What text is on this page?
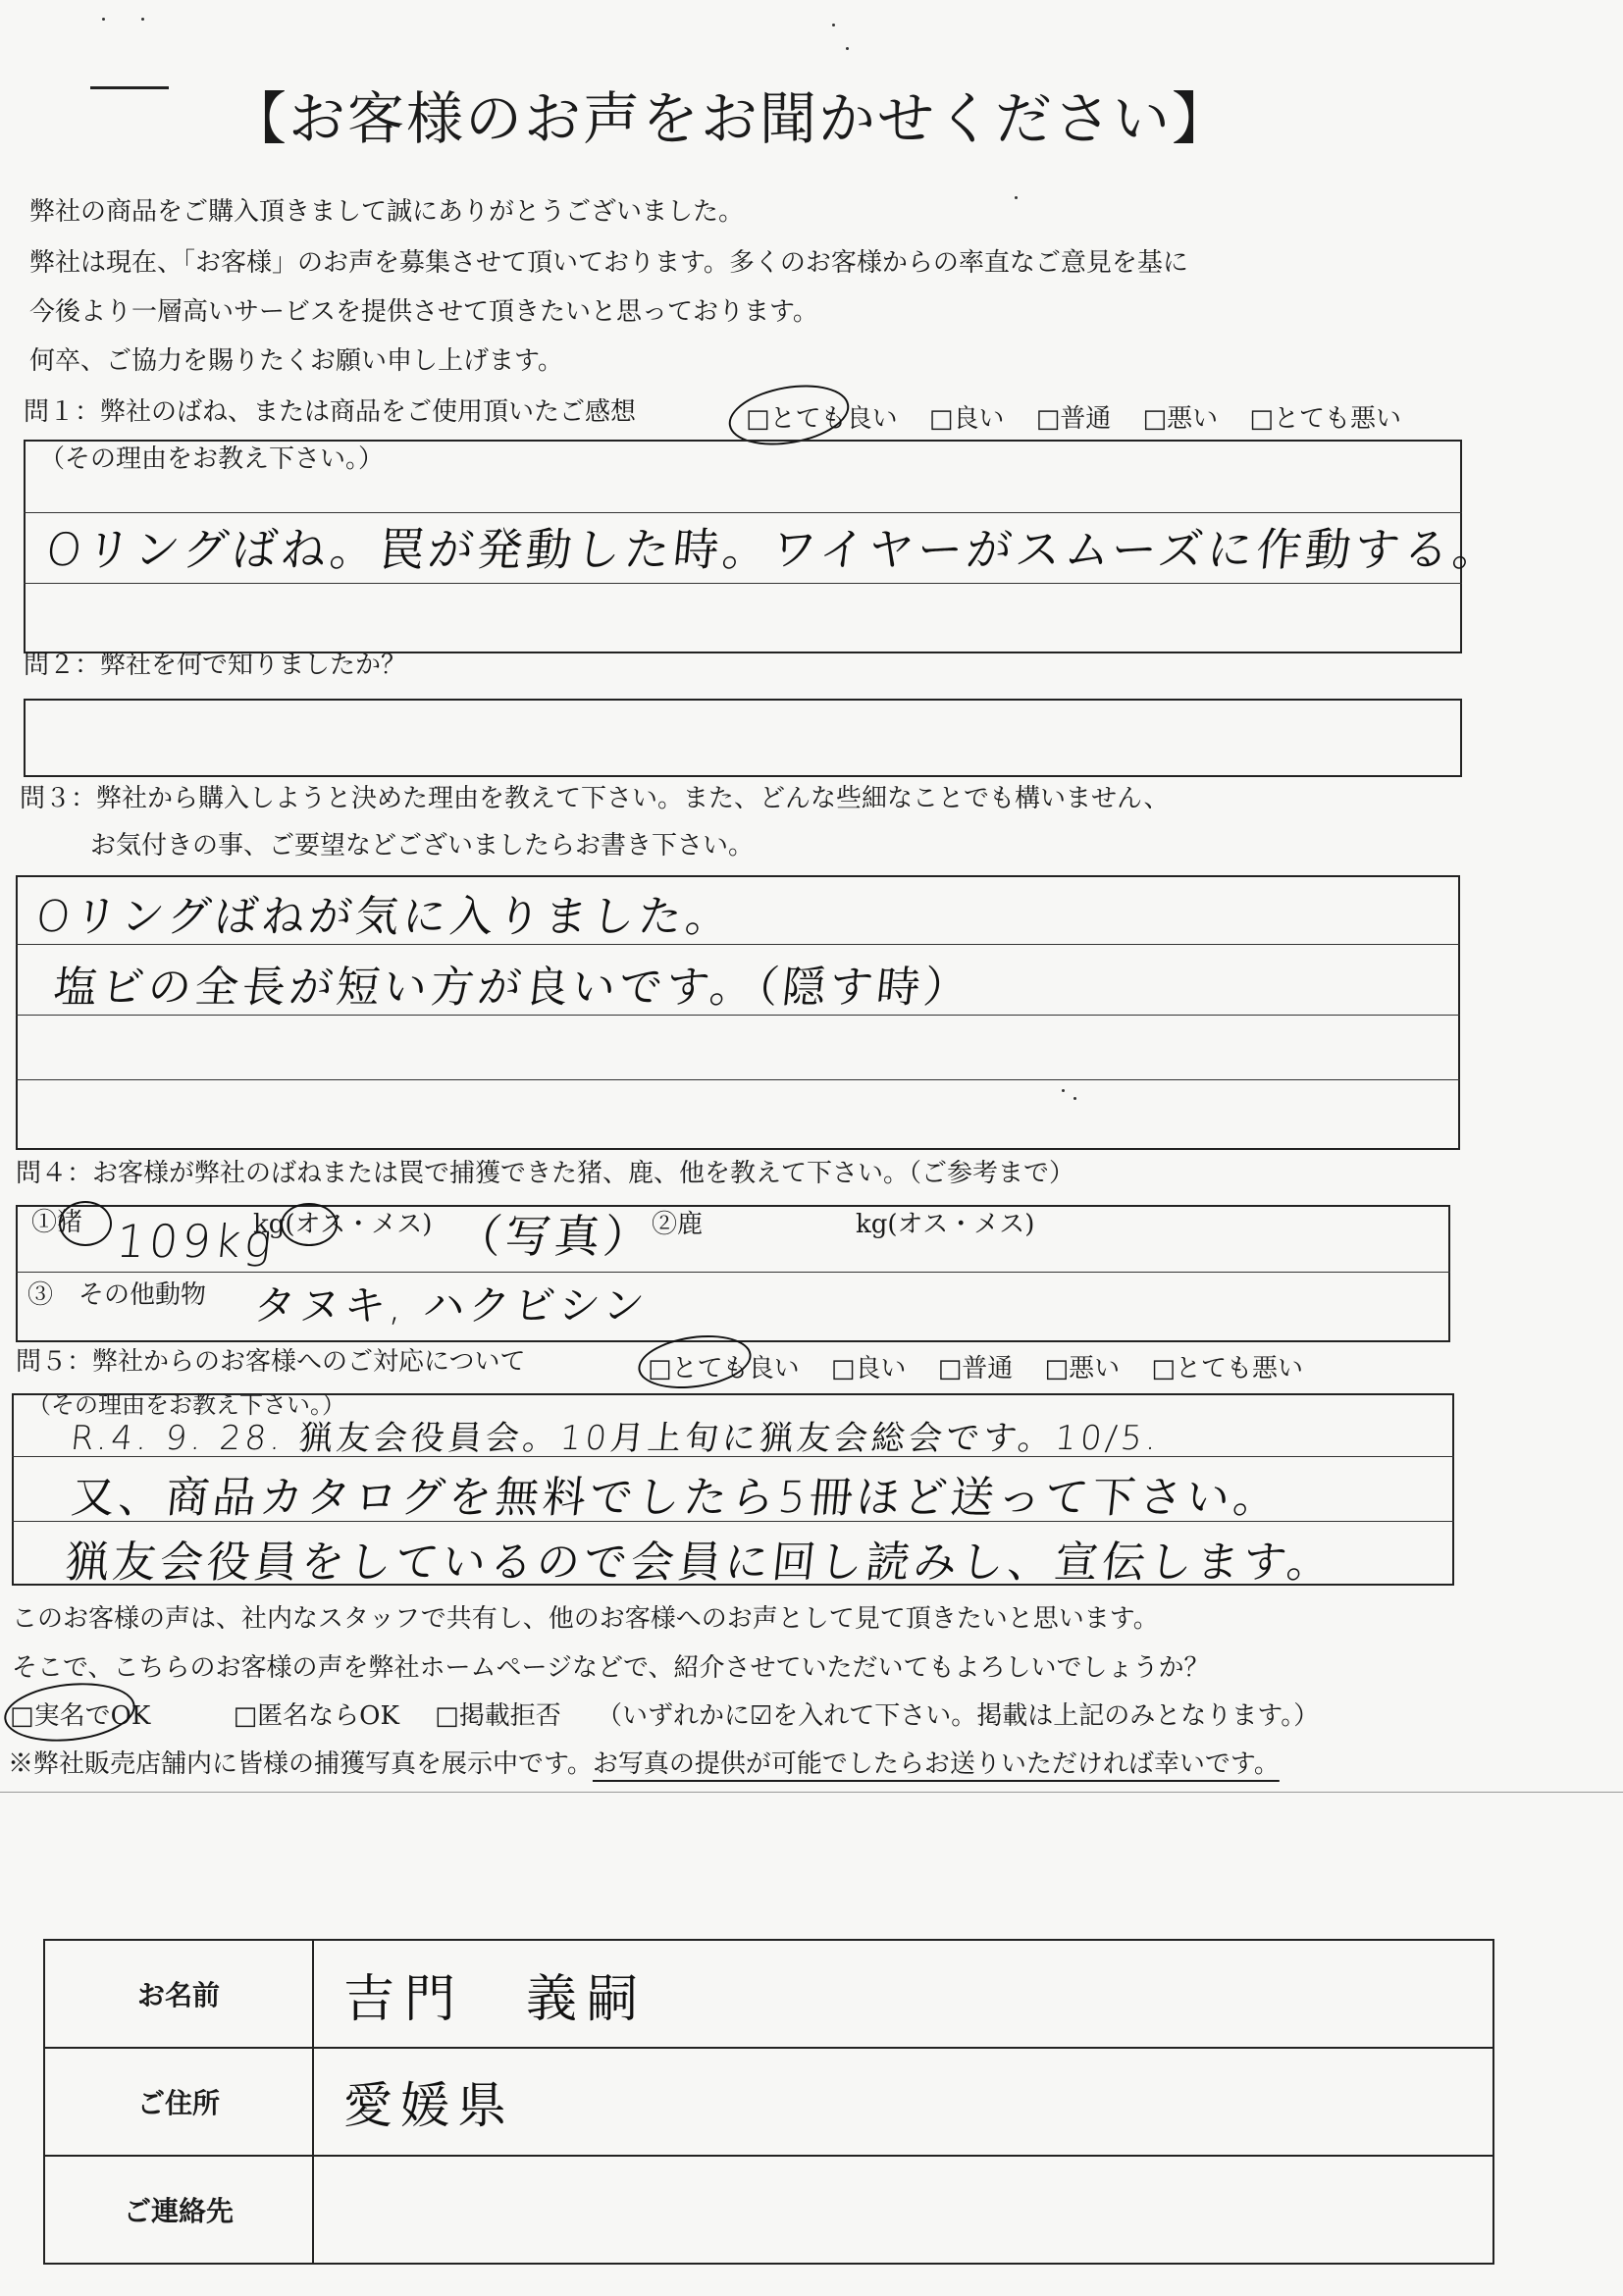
【お客様のお声をお聞かせください】
弊社の商品をご購入頂きまして誠にありがとうございました。
弊社は現在、「お客様」のお声を募集させて頂いております。多くのお客様からの率直なご意見を基に
今後より一層高いサービスを提供させて頂きたいと思っております。
何卒、ご協力を賜りたくお願い申し上げます。
問１：弊社のばね、または商品をご使用頂いたご感想	□とても良い □良い □普通 □悪い □とても悪い
（その理由をお教え下さい。）
Oリングばね。罠が発動した時。ワイヤーがスムーズに作動する。
問２：弊社を何で知りましたか？
問３：弊社から購入しようと決めた理由を教えて下さい。また、どんな些細なことでも構いません、
お気付きの事、ご要望などございましたらお書き下さい。
Oリングばねが気に入りました。
塩ビの全長が短い方が良いです。（隠す時）
問４：お客様が弊社のばねまたは罠で捕獲できた猪、鹿、他を教えて下さい。（ご参考まで）
①猪 109kg
kg(オス・メス) （写真）
②鹿	kg(オス・メス)
③　その他動物 タヌキ, ハクビシン
問５：弊社からのお客様へのご対応について	□とても良い □良い □普通 □悪い □とても悪い
（その理由をお教え下さい。）
R.4. 9. 28. 猟友会役員会。10月上旬に猟友会総会です。10/5.
又、商品カタログを無料でしたら5冊ほど送って下さい。
猟友会役員をしているので会員に回し読みし、宣伝します。
このお客様の声は、社内なスタッフで共有し、他のお客様へのお声として見て頂きたいと思います。
そこで、こちらのお客様の声を弊社ホームページなどで、紹介させていただいてもよろしいでしょうか？
□実名でOK	□匿名ならOK □掲載拒否 （いずれかに☑を入れて下さい。掲載は上記のみとなります。）
※弊社販売店舗内に皆様の捕獲写真を展示中です。お写真の提供が可能でしたらお送りいただければ幸いです。
お名前	吉門　義嗣
ご住所	愛媛県
ご連絡先	
